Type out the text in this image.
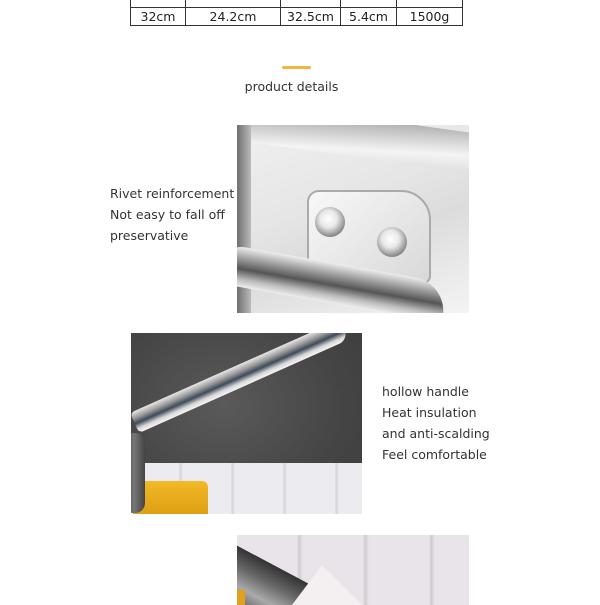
32cm	24.2cm	32.5cm	5.4cm	1500g
product details
Rivet reinforcement
Not easy to fall off
preservative
hollow handle
Heat insulation
and anti-scalding
Feel comfortable
